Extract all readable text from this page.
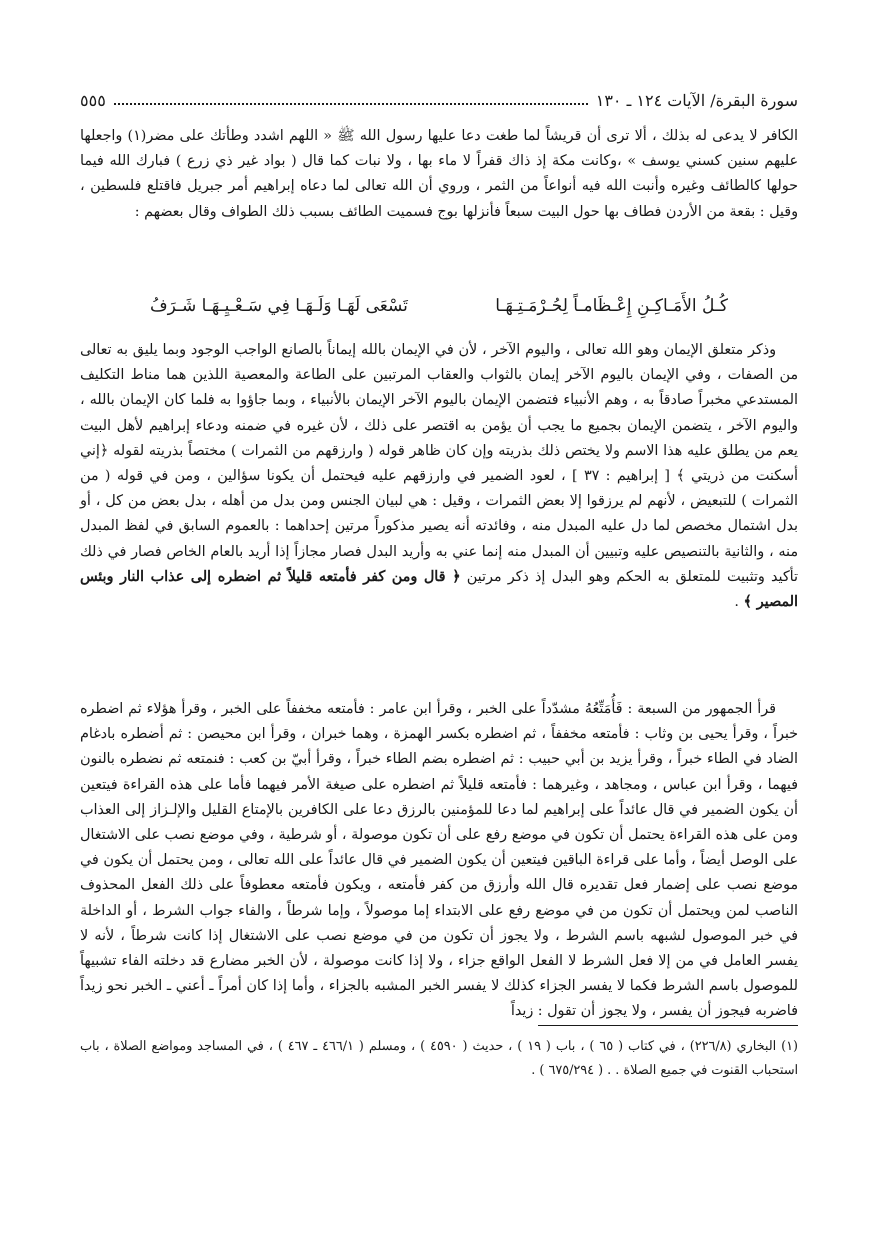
سورة البقرة/ الآيات ١٢٤ ـ ١٣٠
٥٥٥

الكافر لا يدعى له بذلك ، ألا ترى أن قريشاً لما طغت دعا عليها رسول الله ﷺ « اللهم اشدد وطأتك على مضر(١) واجعلها عليهم سنين كسني يوسف » ،وكانت مكة إذ ذاك قفراً لا ماء بها ، ولا نبات كما قال ( بواد غير ذي زرع ) فبارك الله فيما حولها كالطائف وغيره وأنبت الله فيه أنواعاً من الثمر ، وروي أن الله تعالى لما دعاه إبراهيم أمر جبريل فاقتلع فلسطين ، وقيل : بقعة من الأردن فطاف بها حول البيت سبعاً فأنزلها بوج فسميت الطائف بسبب ذلك الطواف وقال بعضهم :

كُـلُ الأَمَـاكِـنِ إِعْـظَامـاً لِحُـرْمَـتِـهَـا
تَسْعَى لَهَـا وَلَـهَـا فِي سَـعْـيِـهَـا شَـرَفُ

وذكر متعلق الإيمان وهو الله تعالى ، واليوم الآخر ، لأن في الإيمان بالله إيماناً بالصانع الواجب الوجود وبما يليق به تعالى من الصفات ، وفي الإيمان باليوم الآخر إيمان بالثواب والعقاب المرتبين على الطاعة والمعصية اللذين هما مناط التكليف المستدعي مخبراً صادقاً به ، وهم الأنبياء فتضمن الإيمان باليوم الآخر الإيمان بالأنبياء ، وبما جاؤوا به فلما كان الإيمان بالله ، واليوم الآخر ، يتضمن الإيمان بجميع ما يجب أن يؤمن به اقتصر على ذلك ، لأن غيره في ضمنه ودعاء إبراهيم لأهل البيت يعم من يطلق عليه هذا الاسم ولا يختص ذلك بذريته وإن كان ظاهر قوله ( وارزقهم من الثمرات ) مختصاً بذريته لقوله ﴿إني أسكنت من ذريتي ﴾ [ إبراهيم : ٣٧ ] ، لعود الضمير في وارزقهم عليه فيحتمل أن يكونا سؤالين ، ومن في قوله ( من الثمرات ) للتبعيض ، لأنهم لم يرزقوا إلا بعض الثمرات ، وقيل : هي لبيان الجنس ومن بدل من أهله ، بدل بعض من كل ، أو بدل اشتمال مخصص لما دل عليه المبدل منه ، وفائدته أنه يصير مذكوراً مرتين إحداهما : بالعموم السابق في لفظ المبدل منه ، والثانية بالتنصيص عليه وتبيين أن المبدل منه إنما عني به وأريد البدل فصار مجازاً إذا أريد بالعام الخاص فصار في ذلك تأكيد وتثبيت للمتعلق به الحكم وهو البدل إذ ذكر مرتين ﴿ قال ومن كفر فأمتعه قليلاً ثم اضطره إلى عذاب النار وبئس المصير ﴾ .

قرأ الجمهور من السبعة : فَأُمَتِّعُهُ مشدّداً على الخبر ، وقرأ ابن عامر : فأمتعه مخففاً على الخبر ، وقرأ هؤلاء ثم اضطره خبراً ، وقرأ يحيى بن وثاب : فأمتعه مخففاً ، ثم اضطره بكسر الهمزة ، وهما خبران ، وقرأ ابن محيصن : ثم أضطره بادغام الضاد في الطاء خبراً ، وقرأ يزيد بن أبي حبيب : ثم اضطره بضم الطاء خبراً ، وقرأ أبيّ بن كعب : فنمتعه ثم نضطره بالنون فيهما ، وقرأ ابن عباس ، ومجاهد ، وغيرهما : فأمتعه قليلاً ثم اضطره على صيغة الأمر فيهما فأما على هذه القراءة فيتعين أن يكون الضمير في قال عائداً على إبراهيم لما دعا للمؤمنين بالرزق دعا على الكافرين بالإمتاع القليل والإلـزاز إلى العذاب ومن على هذه القراءة يحتمل أن تكون في موضع رفع على أن تكون موصولة ، أو شرطية ، وفي موضع نصب على الاشتغال على الوصل أيضاً ، وأما على قراءة الباقين فيتعين أن يكون الضمير في قال عائداً على الله تعالى ، ومن يحتمل أن يكون في موضع نصب على إضمار فعل تقديره قال الله وأرزق من كفر فأمتعه ، ويكون فأمتعه معطوفاً على ذلك الفعل المحذوف الناصب لمن ويحتمل أن تكون من في موضع رفع على الابتداء إما موصولاً ، وإما شرطاً ، والفاء جواب الشرط ، أو الداخلة في خبر الموصول لشبهه باسم الشرط ، ولا يجوز أن تكون من في موضع نصب على الاشتغال إذا كانت شرطاً ، لأنه لا يفسر العامل في من إلا فعل الشرط لا الفعل الواقع جزاء ، ولا إذا كانت موصولة ، لأن الخبر مضارع قد دخلته الفاء تشبيهاً للموصول باسم الشرط فكما لا يفسر الجزاء كذلك لا يفسر الخبر المشبه بالجزاء ، وأما إذا كان أمراً ـ أعني ـ الخبر نحو زيداً فاضربه فيجوز أن يفسر ، ولا يجوز أن تقول : زيداً

(١) البخاري (٢٢٦/٨) ، في كتاب ( ٦٥ ) ، باب ( ١٩ ) ، حديث ( ٤٥٩٠ ) ، ومسلم ( ٤٦٦/١ ـ ٤٦٧ ) ، في المساجد ومواضع الصلاة ، باب استحباب القنوت في جميع الصلاة . . ( ٦٧٥/٢٩٤ ) .
